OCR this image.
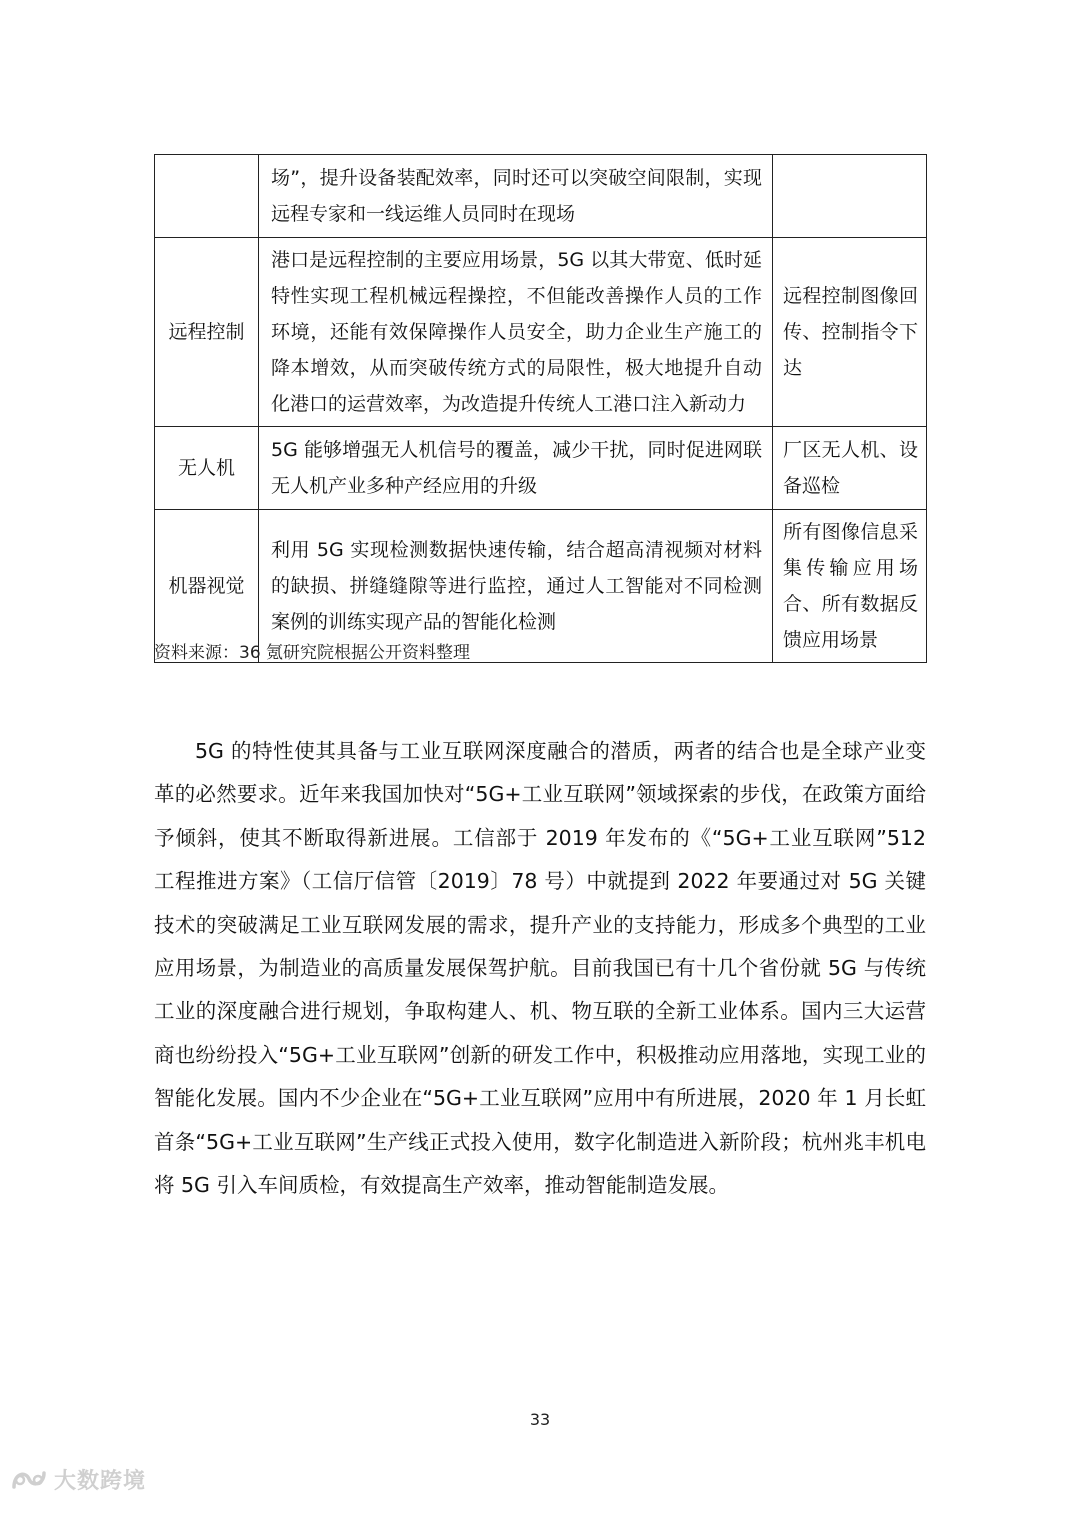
	场”，提升设备装配效率，同时还可以突破空间限制，实现远程专家和一线运维人员同时在现场	
远程控制	港口是远程控制的主要应用场景，5G 以其大带宽、低时延特性实现工程机械远程操控，不但能改善操作人员的工作环境，还能有效保障操作人员安全，助力企业生产施工的降本增效，从而突破传统方式的局限性，极大地提升自动化港口的运营效率，为改造提升传统人工港口注入新动力	远程控制图像回传、控制指令下达
无人机	5G 能够增强无人机信号的覆盖，减少干扰，同时促进网联无人机产业多种产经应用的升级	厂区无人机、设备巡检
机器视觉	利用 5G 实现检测数据快速传输，结合超高清视频对材料的缺损、拼缝缝隙等进行监控，通过人工智能对不同检测案例的训练实现产品的智能化检测	所有图像信息采集传输应用场合、所有数据反馈应用场景
资料来源：36 氪研究院根据公开资料整理

5G 的特性使其具备与工业互联网深度融合的潜质，两者的结合也是全球产业变革的必然要求。近年来我国加快对“5G+工业互联网”领域探索的步伐，在政策方面给予倾斜，使其不断取得新进展。工信部于 2019 年发布的《“5G+工业互联网”512 工程推进方案》（工信厅信管〔2019〕78 号）中就提到 2022 年要通过对 5G 关键技术的突破满足工业互联网发展的需求，提升产业的支持能力，形成多个典型的工业应用场景，为制造业的高质量发展保驾护航。目前我国已有十几个省份就 5G 与传统工业的深度融合进行规划，争取构建人、机、物互联的全新工业体系。国内三大运营商也纷纷投入“5G+工业互联网”创新的研发工作中，积极推动应用落地，实现工业的智能化发展。国内不少企业在“5G+工业互联网”应用中有所进展，2020 年 1 月长虹首条“5G+工业互联网”生产线正式投入使用，数字化制造进入新阶段；杭州兆丰机电将 5G 引入车间质检，有效提高生产效率，推动智能制造发展。

33
大数跨境
